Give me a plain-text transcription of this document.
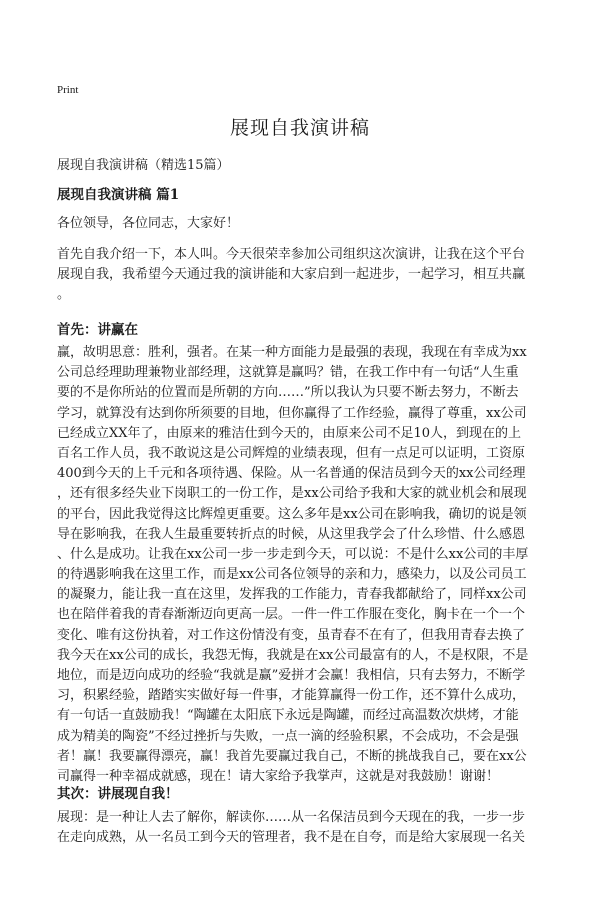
Print
展现自我演讲稿
展现自我演讲稿（精选15篇）
展现自我演讲稿 篇1
各位领导，各位同志，大家好！
首先自我介绍一下，本人叫。今天很荣幸参加公司组织这次演讲，让我在这个平台
展现自我，我希望今天通过我的演讲能和大家启到一起进步，一起学习，相互共赢
。
首先：讲赢在
赢，故明思意：胜利，强者。在某一种方面能力是最强的表现，我现在有幸成为xx
公司总经理助理兼物业部经理，这就算是赢吗？错，在我工作中有一句话“人生重
要的不是你所站的位置而是所朝的方向……”所以我认为只要不断去努力，不断去
学习，就算没有达到你所须要的目地，但你赢得了工作经验，赢得了尊重，xx公司
已经成立XX年了，由原来的雅洁仕到今天的，由原来公司不足10人，到现在的上
百名工作人员，我不敢说这是公司辉煌的业绩表现，但有一点足可以证明，工资原
400到今天的上千元和各项待遇、保险。从一名普通的保洁员到今天的xx公司经理
，还有很多经失业下岗职工的一份工作，是xx公司给予我和大家的就业机会和展现
的平台，因此我觉得这比辉煌更重要。这么多年是xx公司在影响我，确切的说是领
导在影响我，在我人生最重要转折点的时候，从这里我学会了什么珍惜、什么感恩
、什么是成功。让我在xx公司一步一步走到今天，可以说：不是什么xx公司的丰厚
的待遇影响我在这里工作，而是xx公司各位领导的亲和力，感染力，以及公司员工
的凝聚力，能让我一直在这里，发挥我的工作能力，青春我都献给了，同样xx公司
也在陪伴着我的青春渐渐迈向更高一层。一件一件工作服在变化，胸卡在一个一个
变化、唯有这份执着，对工作这份情没有变，虽青春不在有了，但我用青春去换了
我今天在xx公司的成长，我怨无悔，我就是在xx公司最富有的人，不是权限，不是
地位，而是迈向成功的经验“我就是赢”爱拼才会赢！我相信，只有去努力，不断学
习，积累经验，踏踏实实做好每一件事，才能算赢得一份工作，还不算什么成功，
有一句话一直鼓励我！“陶罐在太阳底下永远是陶罐，而经过高温数次烘烤，才能
成为精美的陶瓷”不经过挫折与失败，一点一滴的经验积累，不会成功，不会是强
者！赢！我要赢得漂亮，赢！我首先要赢过我自己，不断的挑战我自己，要在xx公
司赢得一种幸福成就感，现在！请大家给予我掌声，这就是对我鼓励！谢谢！
其次：讲展现自我！
展现：是一种让人去了解你，解读你……从一名保洁员到今天现在的我，一步一步
在走向成熟，从一名员工到今天的管理者，我不是在自夸，而是给大家展现一名关
